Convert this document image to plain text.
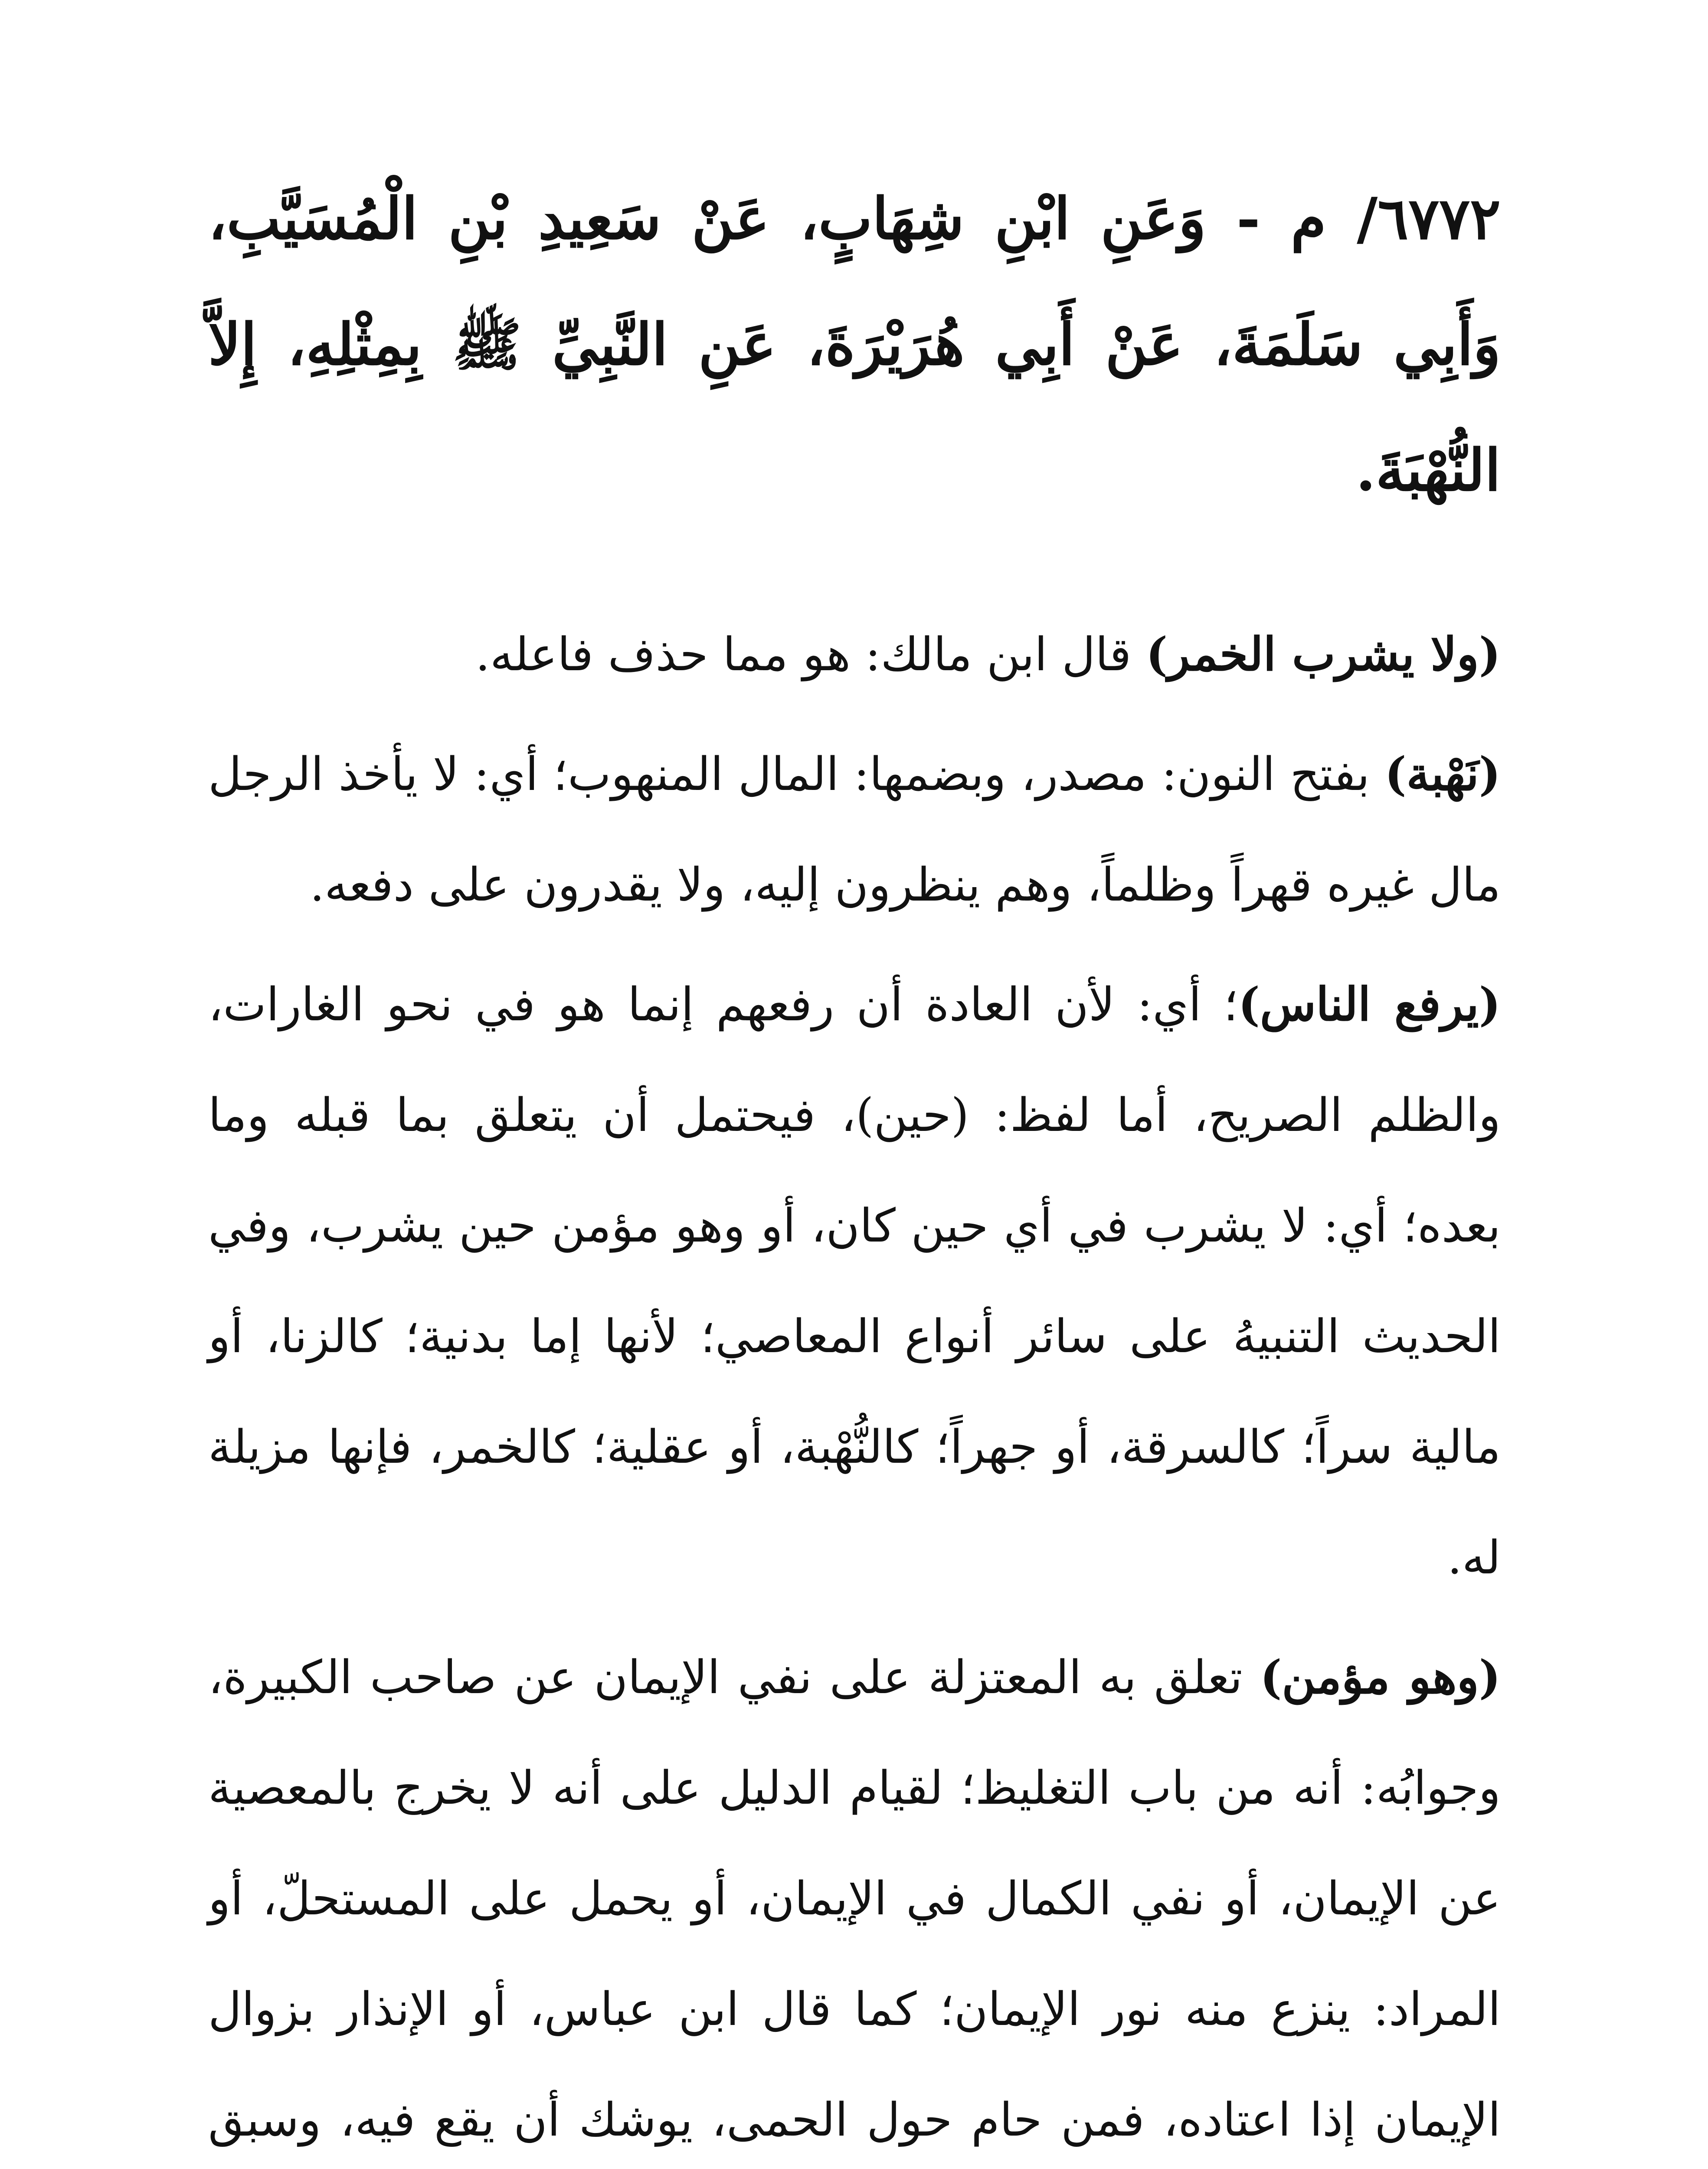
٦٧٧٢/ م - وَعَنِ ابْنِ شِهَابٍ، عَنْ سَعِيدِ بْنِ الْمُسَيَّبِ، وَأَبِي سَلَمَةَ، عَنْ أَبِي هُرَيْرَةَ، عَنِ النَّبِيِّ ﷺ بِمِثْلِهِ، إِلاَّ النُّهْبَةَ.

(ولا يشرب الخمر) قال ابن مالك: هو مما حذف فاعله.

(نَهْبة) بفتح النون: مصدر، وبضمها: المال المنهوب؛ أي: لا يأخذ الرجل مال غيره قهراً وظلماً، وهم ينظرون إليه، ولا يقدرون على دفعه.

(يرفع الناس)؛ أي: لأن العادة أن رفعهم إنما هو في نحو الغارات، والظلم الصريح، أما لفظ: (حين)، فيحتمل أن يتعلق بما قبله وما بعده؛ أي: لا يشرب في أي حين كان، أو وهو مؤمن حين يشرب، وفي الحديث التنبيهُ على سائر أنواع المعاصي؛ لأنها إما بدنية؛ كالزنا، أو مالية سراً؛ كالسرقة، أو جهراً؛ كالنُّهْبة، أو عقلية؛ كالخمر، فإنها مزيلة له.

(وهو مؤمن) تعلق به المعتزلة على نفي الإيمان عن صاحب الكبيرة، وجوابُه: أنه من باب التغليظ؛ لقيام الدليل على أنه لا يخرج بالمعصية عن الإيمان، أو نفي الكمال في الإيمان، أو يحمل على المستحلّ، أو المراد: ينزع منه نور الإيمان؛ كما قال ابن عباس، أو الإنذار بزوال الإيمان إذا اعتاده، فمن حام حول الحمى، يوشك أن يقع فيه، وسبق
